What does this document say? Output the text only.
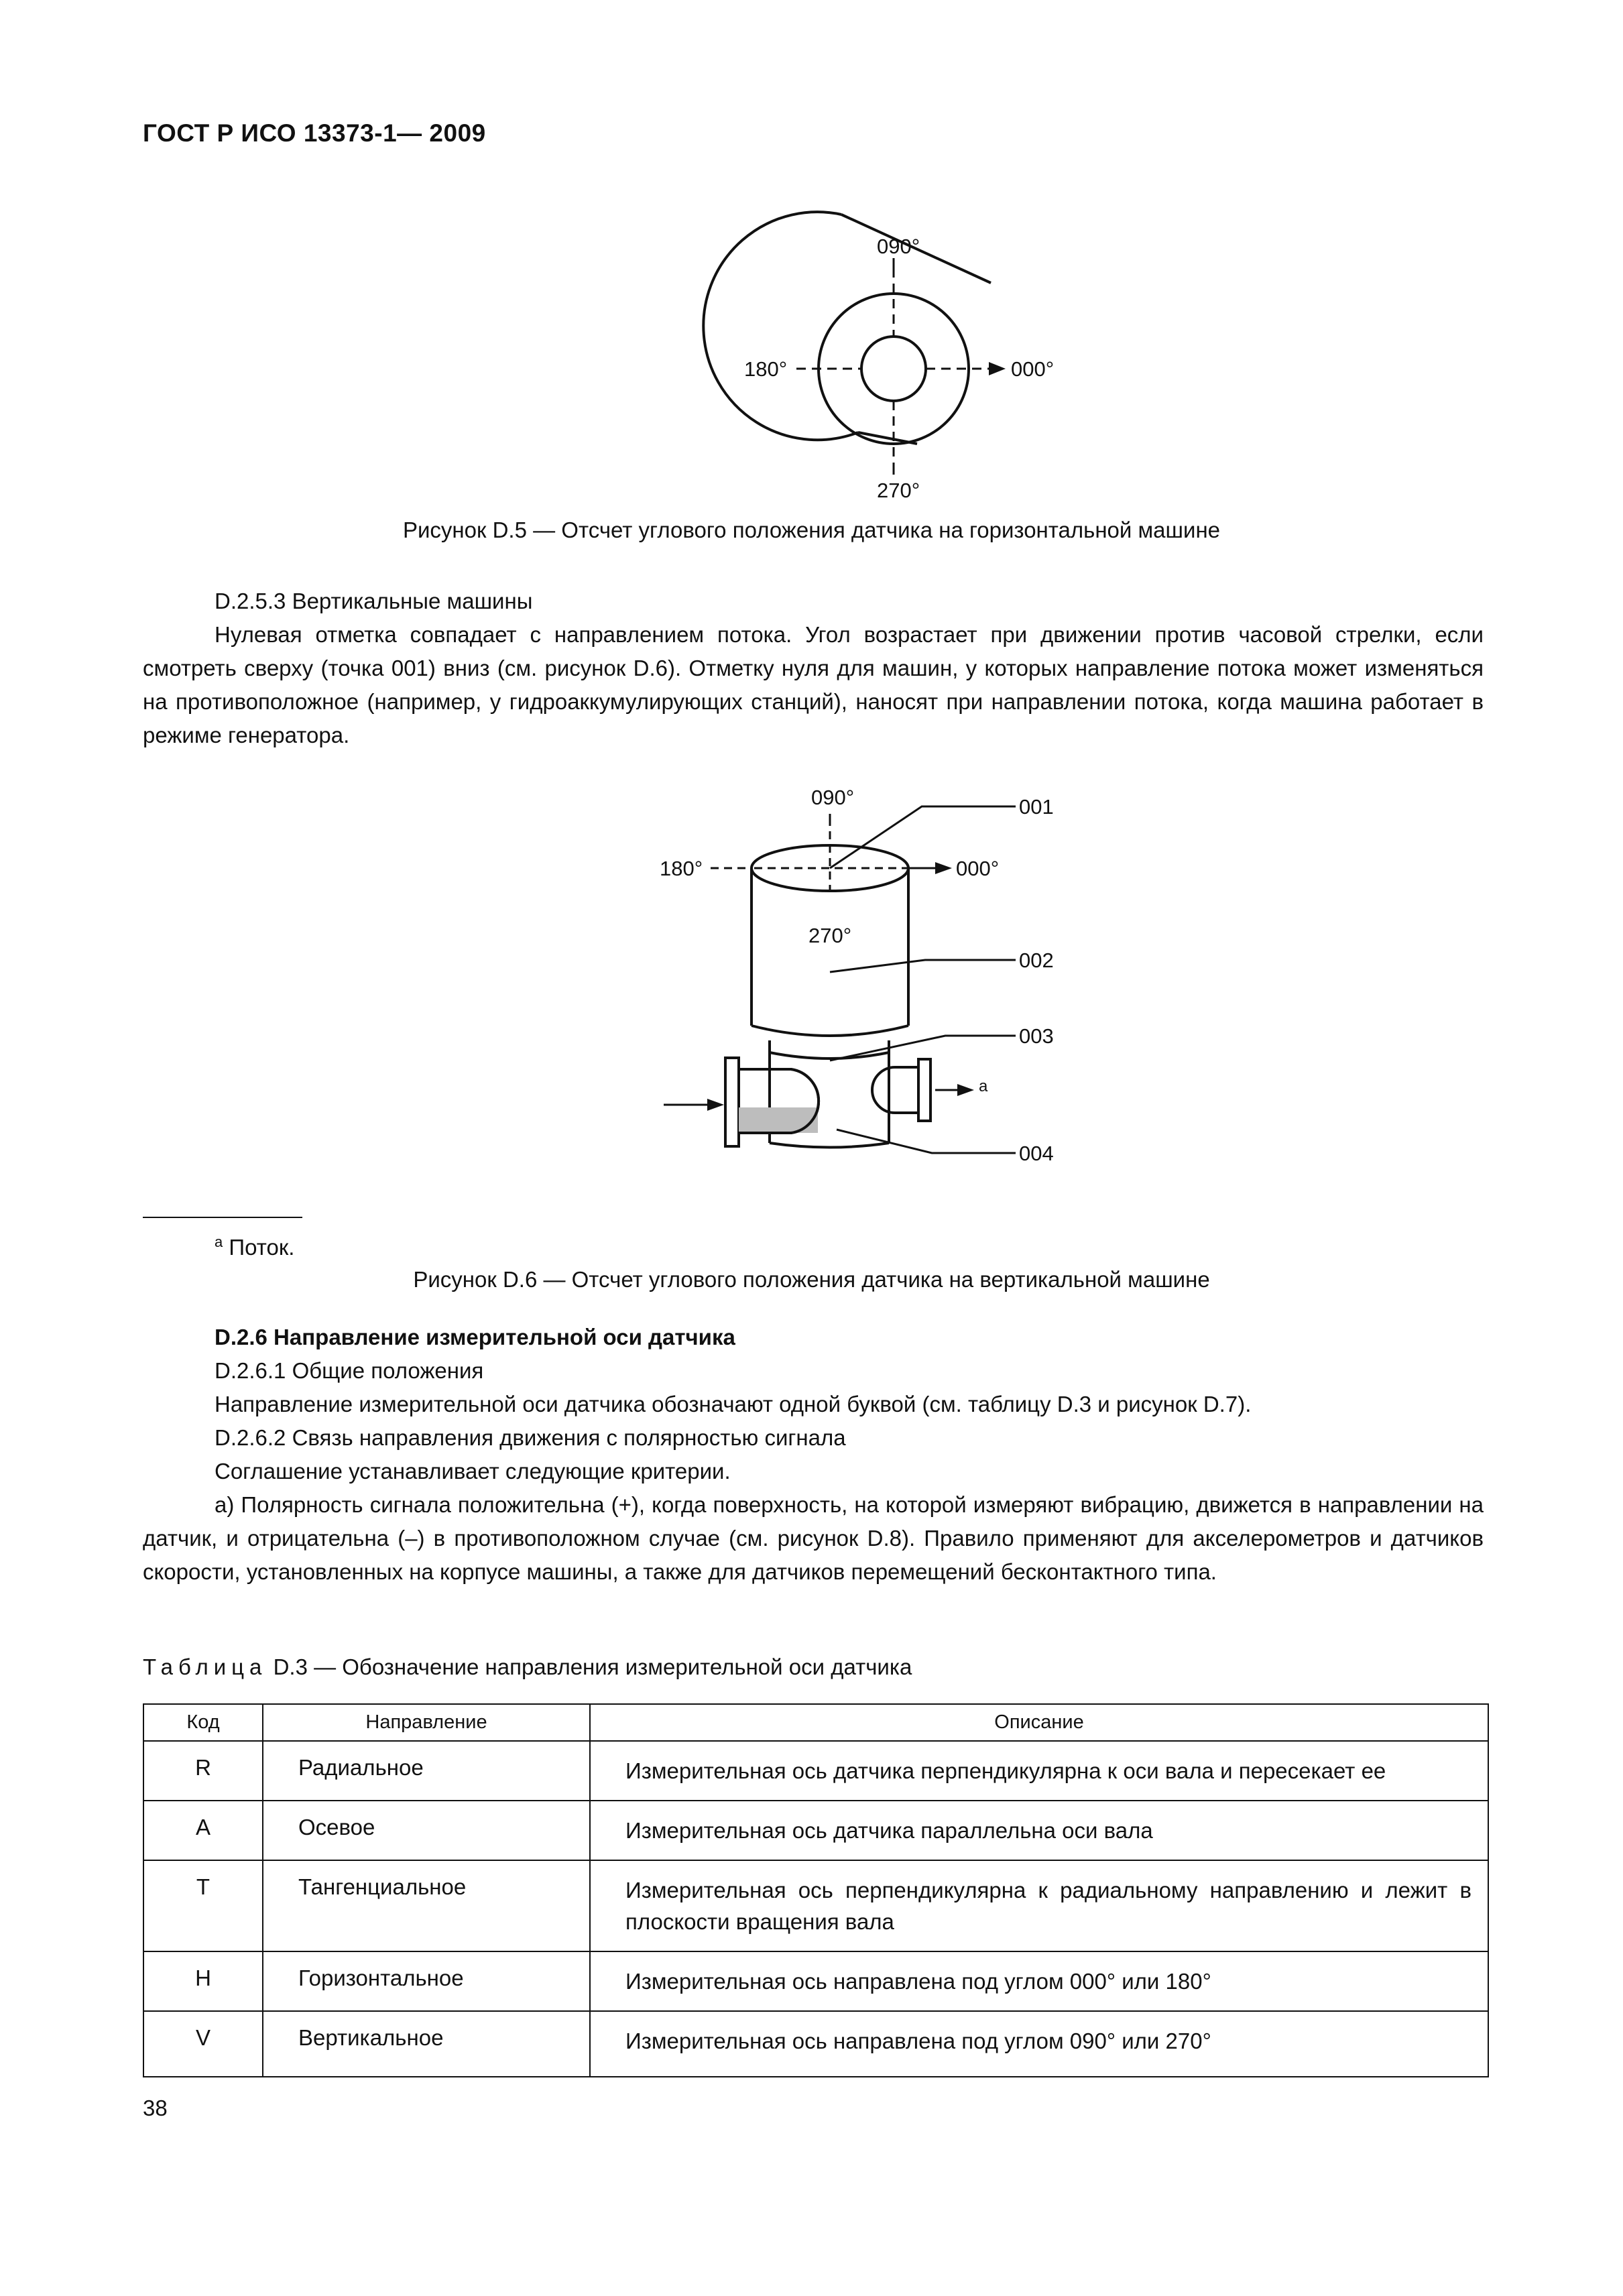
ГОСТ Р ИСО 13373-1— 2009
090°
180°	000°
270°
Рисунок D.5 — Отсчет углового положения датчика на горизонтальной машине
D.2.5.3 Вертикальные машины
Нулевая отметка совпадает с направлением потока. Угол возрастает при движении против часовой стрелки, если смотреть сверху (точка 001) вниз (см. рисунок D.6). Отметку нуля для машин, у которых направление потока может изменяться на противоположное (например, у гидроаккумулирующих станций), наносят при направлении потока, когда машина работает в режиме генератора.
090°
180°	000°
270°
001
002
003
004
a
$^a$ Поток.
Рисунок D.6 — Отсчет углового положения датчика на вертикальной машине
D.2.6 Направление измерительной оси датчика
D.2.6.1 Общие положения
Направление измерительной оси датчика обозначают одной буквой (см. таблицу D.3 и рисунок D.7).
D.2.6.2 Связь направления движения с полярностью сигнала
Соглашение устанавливает следующие критерии.
а) Полярность сигнала положительна (+), когда поверхность, на которой измеряют вибрацию, движется в направлении на датчик, и отрицательна (–) в противоположном случае (см. рисунок D.8). Правило применяют для акселерометров и датчиков скорости, установленных на корпусе машины, а также для датчиков перемещений бесконтактного типа.
Таблица D.3 — Обозначение направления измерительной оси датчика
Код	Направление	Описание
R	Радиальное	Измерительная ось датчика перпендикулярна к оси вала и пересекает ее
A	Осевое	Измерительная ось датчика параллельна оси вала
T	Тангенциальное	Измерительная ось перпендикулярна к радиальному направлению и лежит в плоскости вращения вала
H	Горизонтальное	Измерительная ось направлена под углом 000° или 180°
V	Вертикальное	Измерительная ось направлена под углом 090° или 270°
38
